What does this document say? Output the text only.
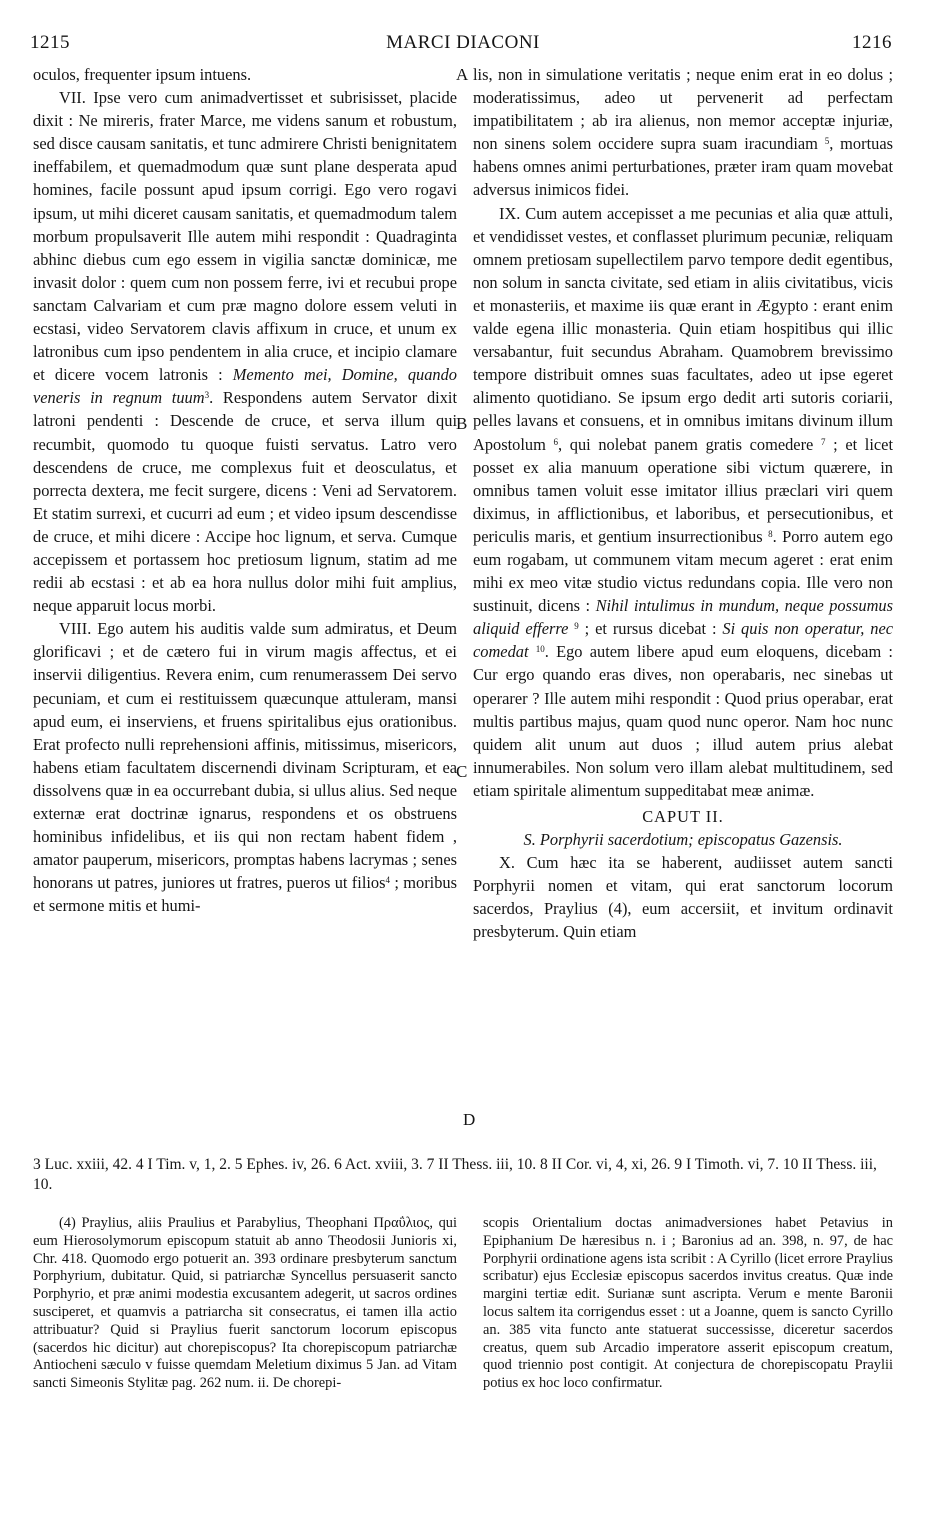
1215	MARCI DIACONI	1216
A
B
C
D

oculos, frequenter ipsum intuens.

VII. Ipse vero cum animadvertisset et subrisisset, placide dixit : Ne mireris, frater Marce, me videns sanum et robustum, sed disce causam sanitatis, et tunc admirere Christi benignitatem ineffabilem, et quemadmodum quæ sunt plane desperata apud homines, facile possunt apud ipsum corrigi. Ego vero rogavi ipsum, ut mihi diceret causam sanitatis, et quemadmodum talem morbum propulsaverit Ille autem mihi respondit : Quadraginta abhinc diebus cum ego essem in vigilia sanctæ dominicæ, me invasit dolor : quem cum non possem ferre, ivi et recubui prope sanctam Calvariam et cum præ magno dolore essem veluti in ecstasi, video Servatorem clavis affixum in cruce, et unum ex latronibus cum ipso pendentem in alia cruce, et incipio clamare et dicere vocem latronis : Memento mei, Domine, quando veneris in regnum tuum$^3$. Respondens autem Servator dixit latroni pendenti : Descende de cruce, et serva illum qui recumbit, quomodo tu quoque fuisti servatus. Latro vero descendens de cruce, me complexus fuit et deosculatus, et porrecta dextera, me fecit surgere, dicens : Veni ad Servatorem. Et statim surrexi, et cucurri ad eum ; et video ipsum descendisse de cruce, et mihi dicere : Accipe hoc lignum, et serva. Cumque accepissem et portassem hoc pretiosum lignum, statim ad me redii ab ecstasi : et ab ea hora nullus dolor mihi fuit amplius, neque apparuit locus morbi.

VIII. Ego autem his auditis valde sum admiratus, et Deum glorificavi ; et de cætero fui in virum magis affectus, et ei inservii diligentius. Revera enim, cum renumerassem Dei servo pecuniam, et cum ei restituissem quæcunque attuleram, mansi apud eum, ei inserviens, et fruens spiritalibus ejus orationibus. Erat profecto nulli reprehensioni affinis, mitissimus, misericors, habens etiam facultatem discernendi divinam Scripturam, et ea dissolvens quæ in ea occurrebant dubia, si ullus alius. Sed neque externæ erat doctrinæ ignarus, respondens et os obstruens hominibus infidelibus, et iis qui non rectam habent fidem , amator pauperum, misericors, promptas habens lacrymas ; senes honorans ut patres, juniores ut fratres, pueros ut filios$^4$ ; moribus et sermone mitis et humi-

lis, non in simulatione veritatis ; neque enim erat in eo dolus ; moderatissimus, adeo ut pervenerit ad perfectam impatibilitatem ; ab ira alienus, non memor acceptæ injuriæ, non sinens solem occidere supra suam iracundiam $^5$, mortuas habens omnes animi perturbationes, præter iram quam movebat adversus inimicos fidei.

IX. Cum autem accepisset a me pecunias et alia quæ attuli, et vendidisset vestes, et conflasset plurimum pecuniæ, reliquam omnem pretiosam supellectilem parvo tempore dedit egentibus, non solum in sancta civitate, sed etiam in aliis civitatibus, vicis et monasteriis, et maxime iis quæ erant in Ægypto : erant enim valde egena illic monasteria. Quin etiam hospitibus qui illic versabantur, fuit secundus Abraham. Quamobrem brevissimo tempore distribuit omnes suas facultates, adeo ut ipse egeret alimento quotidiano. Se ipsum ergo dedit arti sutoris coriarii, pelles lavans et consuens, et in omnibus imitans divinum illum Apostolum $^6$, qui nolebat panem gratis comedere $^7$ ; et licet posset ex alia manuum operatione sibi victum quærere, in omnibus tamen voluit esse imitator illius præclari viri quem diximus, in afflictionibus, et laboribus, et persecutionibus, et periculis maris, et gentium insurrectionibus $^8$. Porro autem ego eum rogabam, ut communem vitam mecum ageret : erat enim mihi ex meo vitæ studio victus redundans copia. Ille vero non sustinuit, dicens : Nihil intulimus in mundum, neque possumus aliquid efferre $^9$ ; et rursus dicebat : Si quis non operatur, nec comedat $^{10}$. Ego autem libere apud eum eloquens, dicebam : Cur ergo quando eras dives, non operabaris, nec sinebas ut operarer ? Ille autem mihi respondit : Quod prius operabar, erat multis partibus majus, quam quod nunc operor. Nam hoc nunc quidem alit unum aut duos ; illud autem prius alebat innumerabiles. Non solum vero illam alebat multitudinem, sed etiam spiritale alimentum suppeditabat meæ animæ.

CAPUT II.

S. Porphyrii sacerdotium; episcopatus Gazensis.

X. Cum hæc ita se haberent, audiisset autem sancti Porphyrii nomen et vitam, qui erat sanctorum locorum sacerdos, Praylius (4), eum accersiit, et invitum ordinavit presbyterum. Quin etiam

3 Luc. xxiii, 42. 4 I Tim. v, 1, 2. 5 Ephes. iv, 26. 6 Act. xviii, 3. 7 II Thess. iii, 10. 8 II Cor. vi, 4, xi, 26. 9 I Timoth. vi, 7. 10 II Thess. iii, 10.

(4) Praylius, aliis Praulius et Parabylius, Theophani Πραΰλιος, qui eum Hierosolymorum episcopum statuit ab anno Theodosii Junioris xi, Chr. 418. Quomodo ergo potuerit an. 393 ordinare presbyterum sanctum Porphyrium, dubitatur. Quid, si patriarchæ Syncellus persuaserit sancto Porphyrio, et præ animi modestia excusantem adegerit, ut sacros ordines susciperet, et quamvis a patriarcha sit consecratus, ei tamen illa actio attribuatur? Quid si Praylius fuerit sanctorum locorum episcopus (sacerdos hic dicitur) aut chorepiscopus? Ita chorepiscopum patriarchæ Antiocheni sæculo v fuisse quemdam Meletium diximus 5 Jan. ad Vitam sancti Simeonis Stylitæ pag. 262 num. ii. De chorepi-

scopis Orientalium doctas animadversiones habet Petavius in Epiphanium De hæresibus n. i ; Baronius ad an. 398, n. 97, de hac Porphyrii ordinatione agens ista scribit : A Cyrillo (licet errore Praylius scribatur) ejus Ecclesiæ episcopus sacerdos invitus creatus. Quæ inde margini tertiæ edit. Surianæ sunt ascripta. Verum e mente Baronii locus saltem ita corrigendus esset : ut a Joanne, quem is sancto Cyrillo an. 385 vita functo ante statuerat successisse, diceretur sacerdos creatus, quem sub Arcadio imperatore asserit episcopum creatum, quod triennio post contigit. At conjectura de chorepiscopatu Praylii potius ex hoc loco confirmatur.
